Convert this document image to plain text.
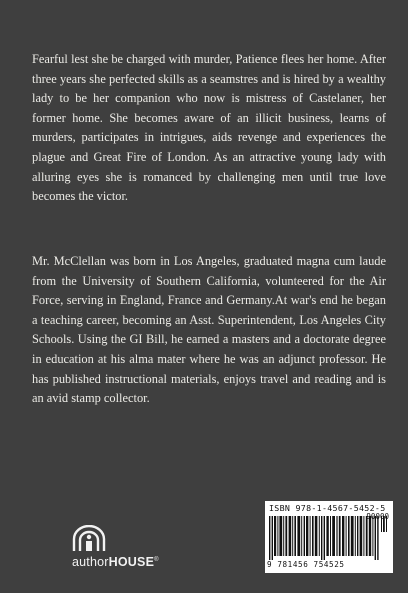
Fearful lest she be charged with murder, Patience flees her home. After three years she perfected skills as a seamstres and is hired by a wealthy lady to be her companion who now is mistress of Castelaner, her former home. She becomes aware of an illicit business, learns of murders, participates in intrigues, aids revenge and experiences the plague and Great Fire of London. As an attractive young lady with alluring eyes she is romanced by challenging men until true love becomes the victor.

Mr. McClellan was born in Los Angeles, graduated magna cum laude from the University of Southern California, volunteered for the Air Force, serving in England, France and Germany.At war's end he began a teaching career, becoming an Asst. Superintendent, Los Angeles City Schools. Using the GI Bill, he earned a masters and a doctorate degree in education at his alma mater where he was an adjunct professor. He has published instructional materials, enjoys travel and reading and is an avid stamp collector.

authorHOUSE®
ISBN 978-1-4567-5452-5
9 781456 754525
90000
